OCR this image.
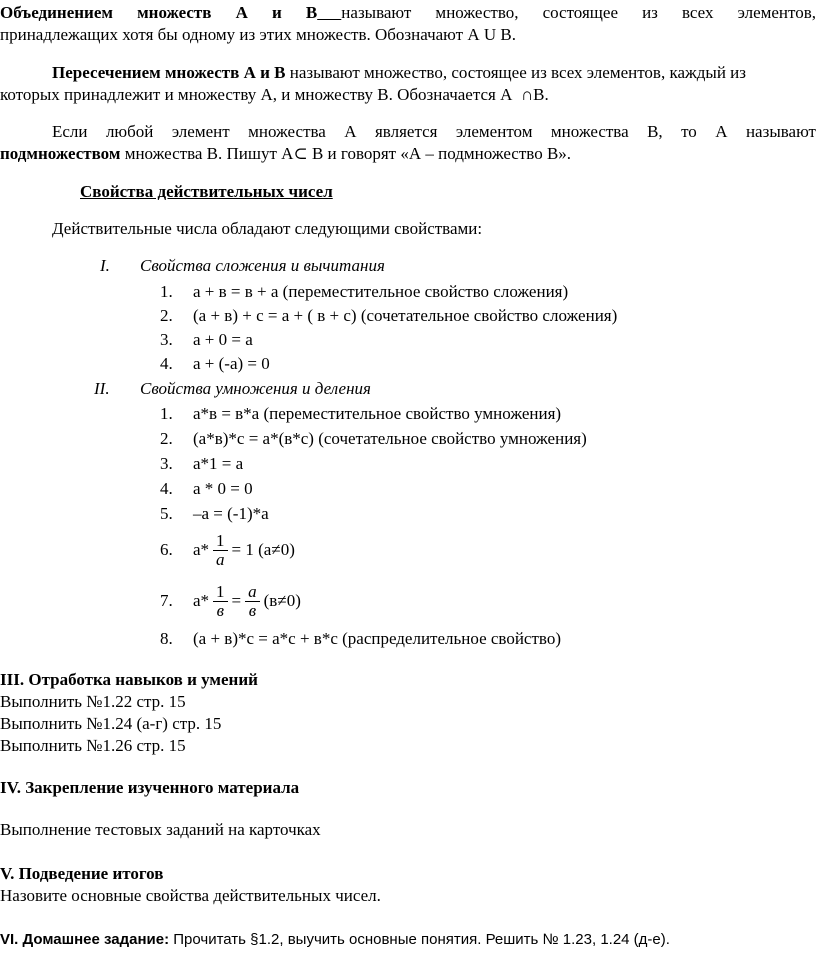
Объединением множеств А и В называют множество, состоящее из всех элементов,
принадлежащих хотя бы одному из этих множеств. Обозначают А U В.
Пересечением множеств А и В называют множество, состоящее из всех элементов, каждый из
которых принадлежит и множеству А, и множеству В. Обозначается А ∩В.
Если любой элемент множества А является элементом множества В, то А называют
подмножеством множества В. Пишут А⊂ В и говорят «А – подмножество В».
Свойства действительных чисел
Действительные числа обладают следующими свойствами:
I. Свойства сложения и вычитания
1. а + в = в + а (переместительное свойство сложения)
2. (а + в) + с = а + ( в + с) (сочетательное свойство сложения)
3. а + 0 = а
4. а + (-а) = 0
II. Свойства умножения и деления
1. а*в = в*а (переместительное свойство умножения)
2. (а*в)*с = а*(в*с) (сочетательное свойство умножения)
3. а*1 = а
4. а * 0 = 0
5. –а = (-1)*а
6. $а* \frac{1}{а} = 1$ (а ≠ 0)
7. $а* \frac{1}{в} = \frac{а}{в} (в \ne 0)$
8. (а + в)*с = а*с + в*с (распределительное свойство)
III. Отработка навыков и умений
Выполнить №1.22 стр. 15
Выполнить №1.24 (а-г) стр. 15
Выполнить №1.26 стр. 15
IV. Закрепление изученного материала
Выполнение тестовых заданий на карточках
V. Подведение итогов
Назовите основные свойства действительных чисел.
VI. Домашнее задание: Прочитать §1.2, выучить основные понятия. Решить № 1.23, 1.24 (д-е).
